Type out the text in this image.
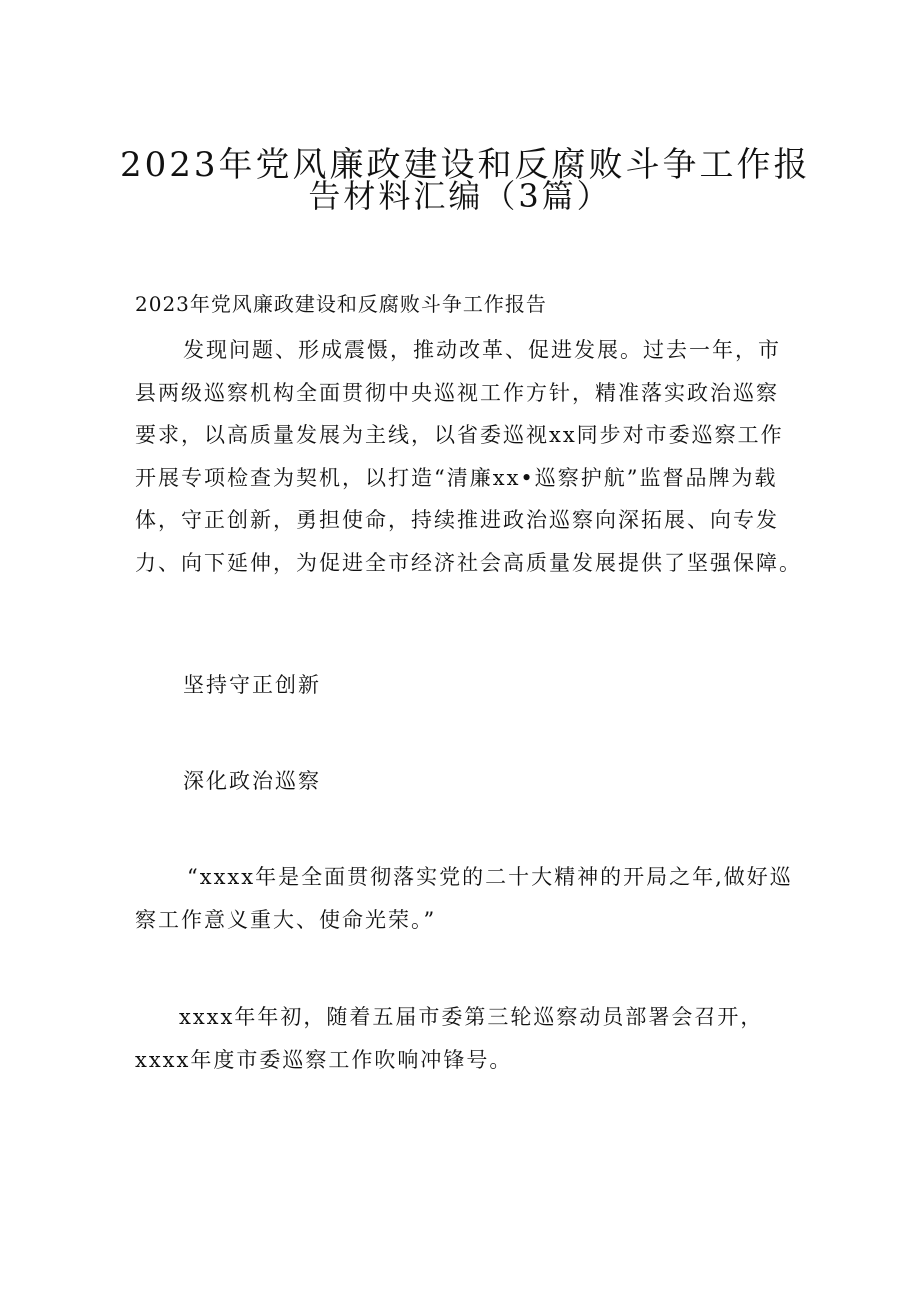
2023年党风廉政建设和反腐败斗争工作报
告材料汇编（3篇）
2023年党风廉政建设和反腐败斗争工作报告
发现问题、形成震慑，推动改革、促进发展。过去一年，市
县两级巡察机构全面贯彻中央巡视工作方针，精准落实政治巡察
要求，以高质量发展为主线，以省委巡视xx同步对市委巡察工作
开展专项检查为契机，以打造“清廉xx•巡察护航”监督品牌为载
体，守正创新，勇担使命，持续推进政治巡察向深拓展、向专发
力、向下延伸，为促进全市经济社会高质量发展提供了坚强保障。
坚持守正创新
深化政治巡察
“xxxx年是全面贯彻落实党的二十大精神的开局之年,做好巡
察工作意义重大、使命光荣。”
xxxx年年初，随着五届市委第三轮巡察动员部署会召开，
xxxx年度市委巡察工作吹响冲锋号。
